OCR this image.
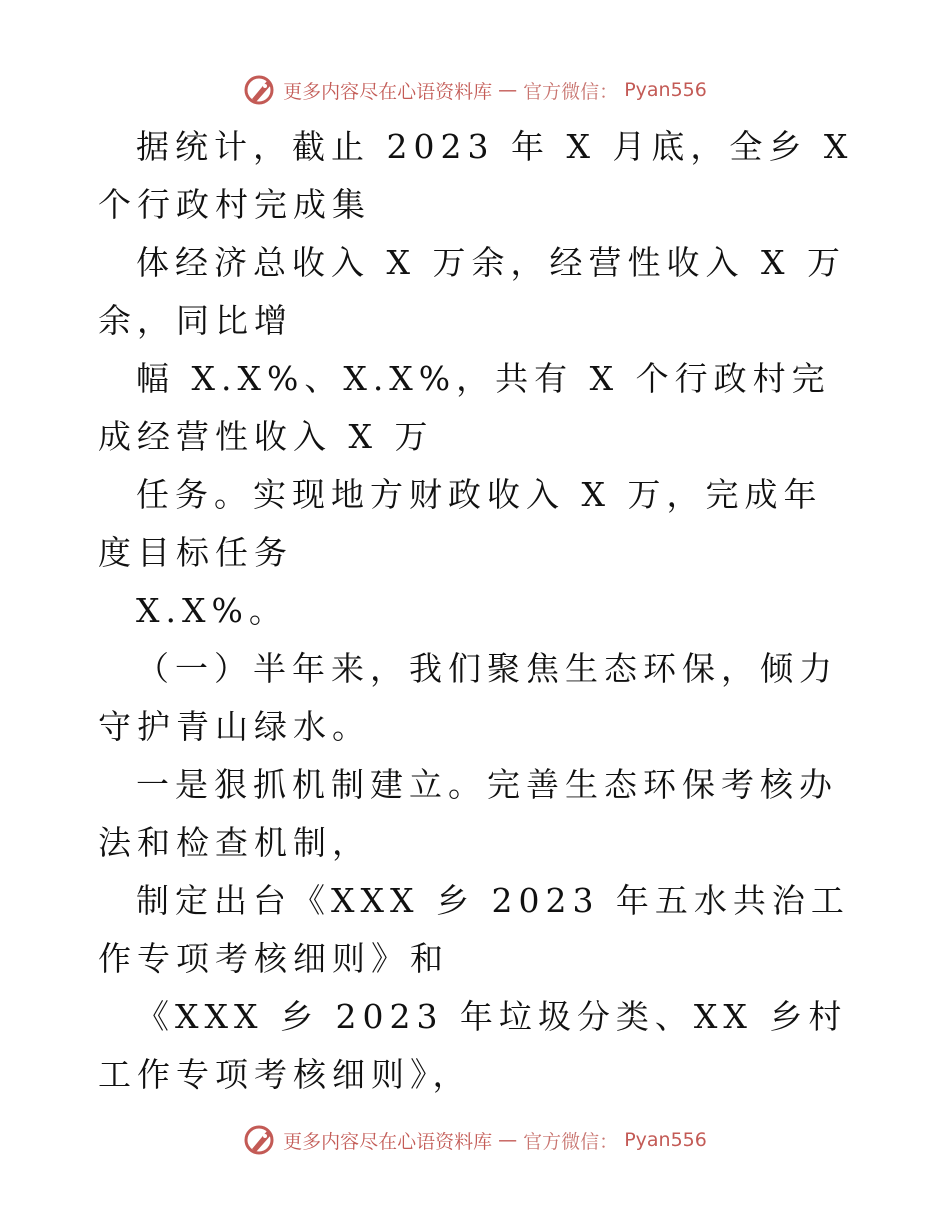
更多内容尽在心语资料库 — 官方微信： Pyan556

据统计，截止 2023 年 X 月底，全乡 X 个行政村完成集

体经济总收入 X 万余，经营性收入 X 万余，同比增

幅 X.X%、X.X%，共有 X 个行政村完成经营性收入 X 万

任务。实现地方财政收入 X 万，完成年度目标任务

X.X%。

（一）半年来，我们聚焦生态环保，倾力守护青山绿水。

一是狠抓机制建立。完善生态环保考核办法和检查机制，

制定出台《XXX 乡 2023 年五水共治工作专项考核细则》和

《XXX 乡 2023 年垃圾分类、XX 乡村工作专项考核细则》，

更多内容尽在心语资料库 — 官方微信： Pyan556
